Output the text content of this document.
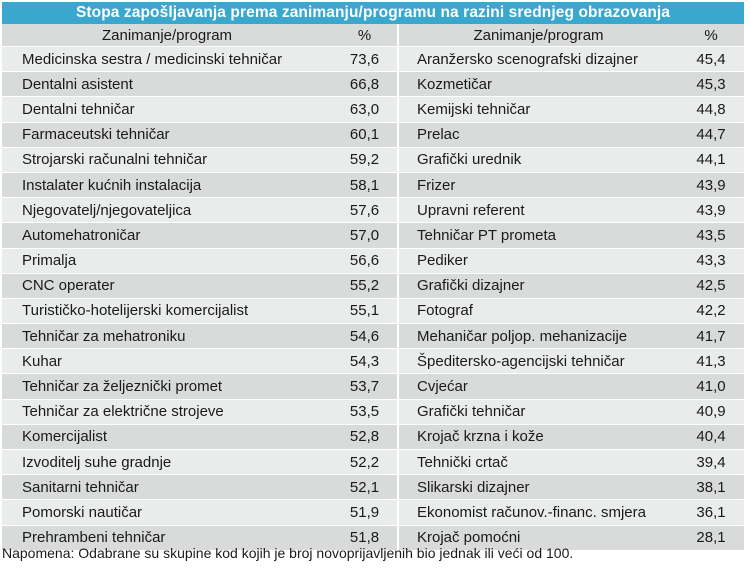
Stopa zapošljavanja prema zanimanju/programu na razini srednjeg obrazovanja
Zanimanje/program	%	Zanimanje/program	%
Medicinska sestra / medicinski tehničar	73,6	Aranžersko scenografski dizajner	45,4
Dentalni asistent	66,8	Kozmetičar	45,3
Dentalni tehničar	63,0	Kemijski tehničar	44,8
Farmaceutski tehničar	60,1	Prelac	44,7
Strojarski računalni tehničar	59,2	Grafički urednik	44,1
Instalater kućnih instalacija	58,1	Frizer	43,9
Njegovatelj/njegovateljica	57,6	Upravni referent	43,9
Automehatroničar	57,0	Tehničar PT prometa	43,5
Primalja	56,6	Pediker	43,3
CNC operater	55,2	Grafički dizajner	42,5
Turističko-hotelijerski komercijalist	55,1	Fotograf	42,2
Tehničar za mehatroniku	54,6	Mehaničar poljop. mehanizacije	41,7
Kuhar	54,3	Špeditersko-agencijski tehničar	41,3
Tehničar za željeznički promet	53,7	Cvjećar	41,0
Tehničar za električne strojeve	53,5	Grafički tehničar	40,9
Komercijalist	52,8	Krojač krzna i kože	40,4
Izvoditelj suhe gradnje	52,2	Tehnički crtač	39,4
Sanitarni tehničar	52,1	Slikarski dizajner	38,1
Pomorski nautičar	51,9	Ekonomist računov.-financ. smjera	36,1
Prehrambeni tehničar	51,8	Krojač pomoćni	28,1
Napomena: Odabrane su skupine kod kojih je broj novoprijavljenih bio jednak ili veći od 100.
